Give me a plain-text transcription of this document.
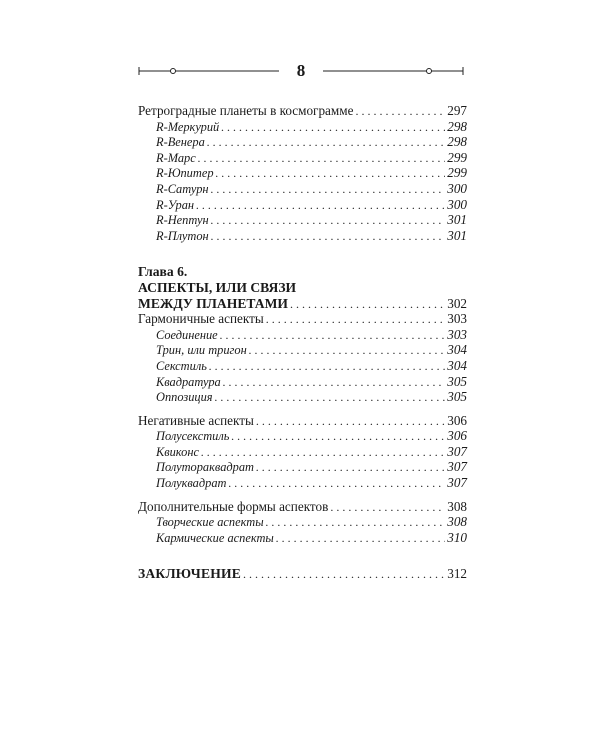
8
Ретроградные планеты в космограмме . . .	297
R-Меркурий . . .	298
R-Венера . . .	298
R-Марс . . .	299
R-Юпитер . . .	299
R-Сатурн . . .	300
R-Уран . . .	300
R-Нептун . . .	301
R-Плутон . . .	301
Глава 6.
АСПЕКТЫ, ИЛИ СВЯЗИ
МЕЖДУ ПЛАНЕТАМИ . . .	302
Гармоничные аспекты . . .	303
Соединение . . .	303
Трин, или тригон . . .	304
Секстиль . . .	304
Квадратура . . .	305
Оппозиция . . .	305
Негативные аспекты . . .	306
Полусекстиль . . .	306
Квиконс . . .	307
Полутораквадрат . . .	307
Полуквадрат . . .	307
Дополнительные формы аспектов . . .	308
Творческие аспекты . . .	308
Кармические аспекты . . .	310
ЗАКЛЮЧЕНИЕ . . .	312
